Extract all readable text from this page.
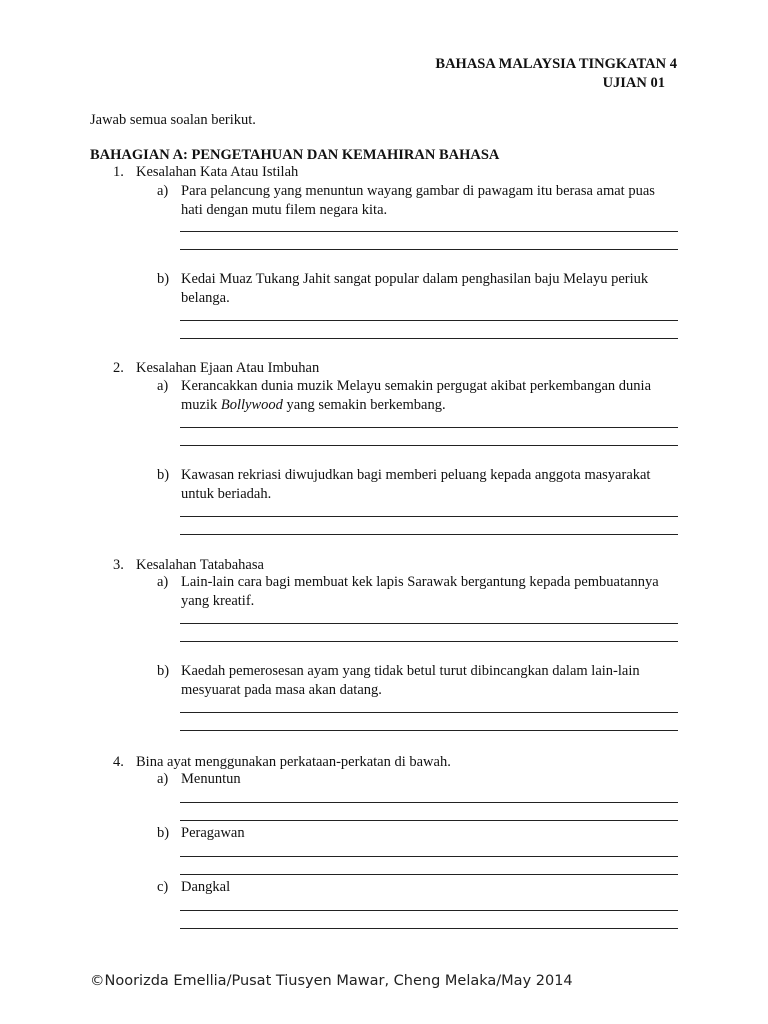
BAHASA MALAYSIA TINGKATAN 4
UJIAN 01
Jawab semua soalan berikut.
BAHAGIAN A: PENGETAHUAN DAN KEMAHIRAN BAHASA
1. Kesalahan Kata Atau Istilah
a) Para pelancung yang menuntun wayang gambar di pawagam itu berasa amat puas
hati dengan mutu filem negara kita.
b) Kedai Muaz Tukang Jahit sangat popular dalam penghasilan baju Melayu periuk
belanga.
2. Kesalahan Ejaan Atau Imbuhan
a) Kerancakkan dunia muzik Melayu semakin pergugat akibat perkembangan dunia
muzik Bollywood yang semakin berkembang.
b) Kawasan rekriasi diwujudkan bagi memberi peluang kepada anggota masyarakat
untuk beriadah.
3. Kesalahan Tatabahasa
a) Lain-lain cara bagi membuat kek lapis Sarawak bergantung kepada pembuatannya
yang kreatif.
b) Kaedah pemerosesan ayam yang tidak betul turut dibincangkan dalam lain-lain
mesyuarat pada masa akan datang.
4. Bina ayat menggunakan perkataan-perkatan di bawah.
a) Menuntun
b) Peragawan
c) Dangkal
©Noorizda Emellia/Pusat Tiusyen Mawar, Cheng Melaka/May 2014
